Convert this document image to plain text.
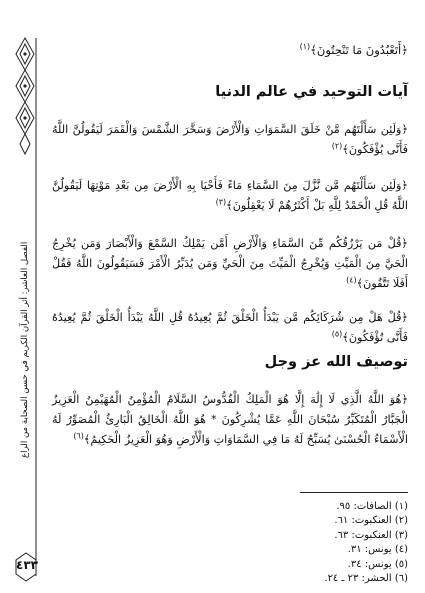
الفصل العاشر: أثر القرآن الكريم في حسن الصحابة من الراغ
٤٣٣
﴿أَتَعْبُدُونَ مَا تَنْحِتُونَ﴾$^{(١)}$
آيات التوحيد في عالم الدنيا
﴿وَلَئِن سَأَلْتَهُم مَّنْ خَلَقَ السَّمَوَاتِ وَالْأَرْضَ وَسَخَّرَ الشَّمْسَ وَالْقَمَرَ لَيَقُولُنَّ اللَّهُ فَأَنَّى يُؤْفَكُونَ﴾$^{(٢)}$
﴿وَلَئِن سَأَلْتَهُم مَّن نَّزَّلَ مِنَ السَّمَاءِ مَاءً فَأَحْيَا بِهِ الْأَرْضَ مِن بَعْدِ مَوْتِهَا لَيَقُولُنَّ اللَّهُ قُلِ الْحَمْدُ لِلَّهِ بَلْ أَكْثَرُهُمْ لَا يَعْقِلُونَ﴾$^{(٣)}$
﴿قُلْ مَن يَرْزُقُكُم مِّنَ السَّمَاءِ وَالْأَرْضِ أَمَّن يَمْلِكُ السَّمْعَ وَالْأَبْصَارَ وَمَن يُخْرِجُ الْحَيَّ مِنَ الْمَيِّتِ وَيُخْرِجُ الْمَيِّتَ مِنَ الْحَيِّ وَمَن يُدَبِّرُ الْأَمْرَ فَسَيَقُولُونَ اللَّهُ فَقُلْ أَفَلَا تَتَّقُونَ﴾$^{(٤)}$
﴿قُلْ هَلْ مِن شُرَكَائِكُم مَّن يَبْدَأُ الْخَلْقَ ثُمَّ يُعِيدُهُ قُلِ اللَّهُ يَبْدَأُ الْخَلْقَ ثُمَّ يُعِيدُهُ فَأَنَّى تُؤْفَكُونَ﴾$^{(٥)}$
توصيف الله عز وجل
﴿هُوَ اللَّهُ الَّذِي لَا إِلَٰهَ إِلَّا هُوَ الْمَلِكُ الْقُدُّوسُ السَّلَامُ الْمُؤْمِنُ الْمُهَيْمِنُ الْعَزِيزُ الْجَبَّارُ الْمُتَكَبِّرُ سُبْحَانَ اللَّهِ عَمَّا يُشْرِكُونَ * هُوَ اللَّهُ الْخَالِقُ الْبَارِئُ الْمُصَوِّرُ لَهُ الْأَسْمَاءُ الْحُسْنَىٰ يُسَبِّحُ لَهُ مَا فِي السَّمَاوَاتِ وَالْأَرْضِ وَهُوَ الْعَزِيزُ الْحَكِيمُ﴾$^{(٦)}$
(١) الصافات: ٩٥.
(٢) العنكبوت: ٦١.
(٣) العنكبوت: ٦٣.
(٤) يونس: ٣١.
(٥) يونس: ٣٤.
(٦) الحشر: ٢٣ ـ ٢٤.
